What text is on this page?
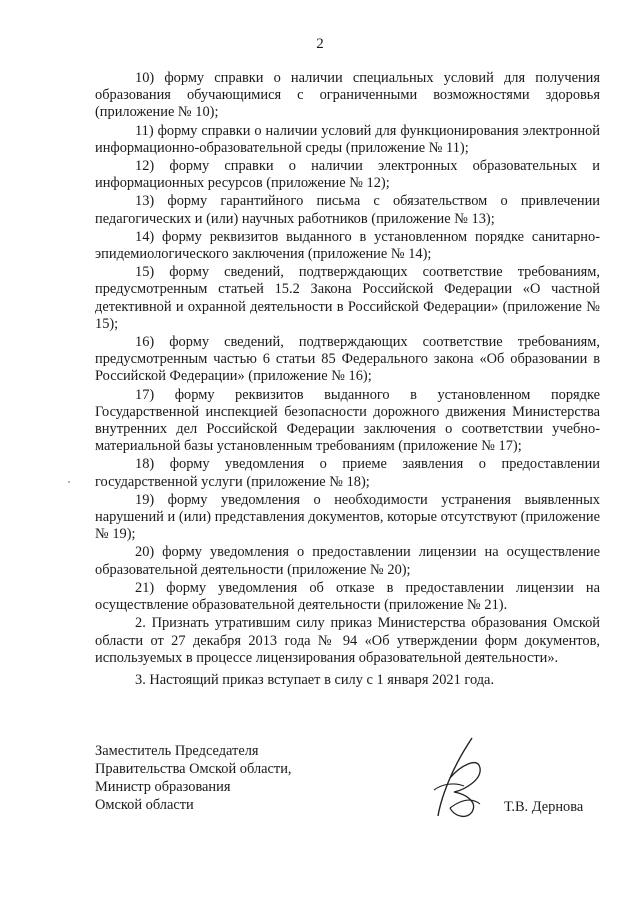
2

10) форму справки о наличии специальных условий для получения образования обучающимися с ограниченными возможностями здоровья (приложение № 10);

11) форму справки о наличии условий для функционирования электронной информационно-образовательной среды (приложение № 11);

12) форму справки о наличии электронных образовательных и информационных ресурсов (приложение № 12);

13) форму гарантийного письма с обязательством о привлечении педагогических и (или) научных работников (приложение № 13);

14) форму реквизитов выданного в установленном порядке санитарно-эпидемиологического заключения (приложение № 14);

15) форму сведений, подтверждающих соответствие требованиям, предусмотренным статьей 15.2 Закона Российской Федерации «О частной детективной и охранной деятельности в Российской Федерации» (приложение № 15);

16) форму сведений, подтверждающих соответствие требованиям, предусмотренным частью 6 статьи 85 Федерального закона «Об образовании в Российской Федерации» (приложение № 16);

17) форму реквизитов выданного в установленном порядке Государственной инспекцией безопасности дорожного движения Министерства внутренних дел Российской Федерации заключения о соответствии учебно-материальной базы установленным требованиям (приложение № 17);

18) форму уведомления о приеме заявления о предоставлении государственной услуги (приложение № 18);

19) форму уведомления о необходимости устранения выявленных нарушений и (или) представления документов, которые отсутствуют (приложение № 19);

20) форму уведомления о предоставлении лицензии на осуществление образовательной деятельности (приложение № 20);

21) форму уведомления об отказе в предоставлении лицензии на осуществление образовательной деятельности (приложение № 21).

2. Признать утратившим силу приказ Министерства образования Омской области от 27 декабря 2013 года № 94 «Об утверждении форм документов, используемых в процессе лицензирования образовательной деятельности».

3. Настоящий приказ вступает в силу с 1 января 2021 года.

Заместитель Председателя
Правительства Омской области,
Министр образования
Омской области	Т.В. Дернова
